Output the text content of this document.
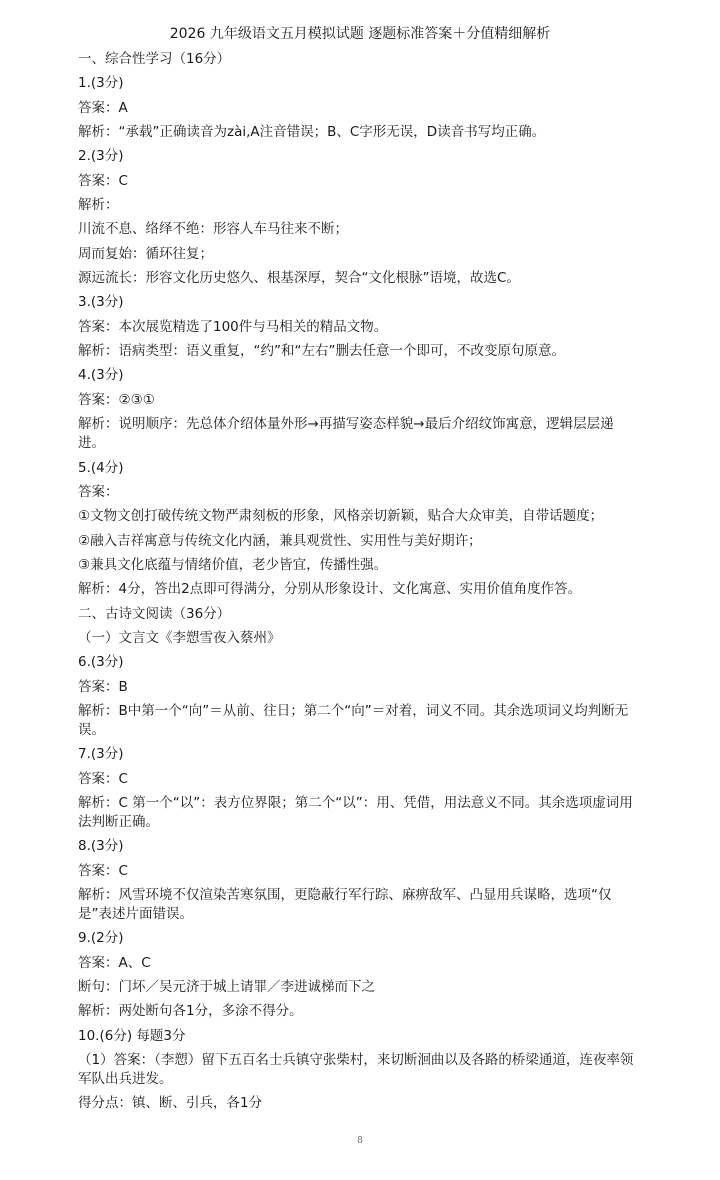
2026 九年级语文五月模拟试题 逐题标准答案＋分值精细解析
一、综合性学习（16分）
1.(3分)
答案：A
解析：“承载”正确读音为zài,A注音错误；B、C字形无误，D读音书写均正确。
2.(3分)
答案：C
解析：
川流不息、络绎不绝：形容人车马往来不断；
周而复始：循环往复；
源远流长：形容文化历史悠久、根基深厚，契合“文化根脉”语境，故选C。
3.(3分)
答案：本次展览精选了100件与马相关的精品文物。
解析：语病类型：语义重复，“约”和“左右”删去任意一个即可，不改变原句原意。
4.(3分)
答案：②③①
解析：说明顺序：先总体介绍体量外形→再描写姿态样貌→最后介绍纹饰寓意，逻辑层层递进。
5.(4分)
答案：
①文物文创打破传统文物严肃刻板的形象，风格亲切新颖，贴合大众审美，自带话题度；
②融入吉祥寓意与传统文化内涵，兼具观赏性、实用性与美好期许；
③兼具文化底蕴与情绪价值，老少皆宜，传播性强。
解析：4分，答出2点即可得满分，分别从形象设计、文化寓意、实用价值角度作答。
二、古诗文阅读（36分）
（一）文言文《李愬雪夜入蔡州》
6.(3分)
答案：B
解析：B中第一个“向”＝从前、往日；第二个“向”＝对着，词义不同。其余选项词义均判断无误。
7.(3分)
答案：C
解析：C 第一个“以”：表方位界限；第二个“以”：用、凭借，用法意义不同。其余选项虚词用法判断正确。
8.(3分)
答案：C
解析：风雪环境不仅渲染苦寒氛围，更隐蔽行军行踪、麻痹敌军、凸显用兵谋略，选项“仅是”表述片面错误。
9.(2分)
答案：A、C
断句：门坏／吴元济于城上请罪／李进诚梯而下之
解析：两处断句各1分，多涂不得分。
10.(6分) 每题3分
（1）答案：（李愬）留下五百名士兵镇守张柴村，来切断洄曲以及各路的桥梁通道，连夜率领军队出兵进发。
得分点：镇、断、引兵，各1分
8
